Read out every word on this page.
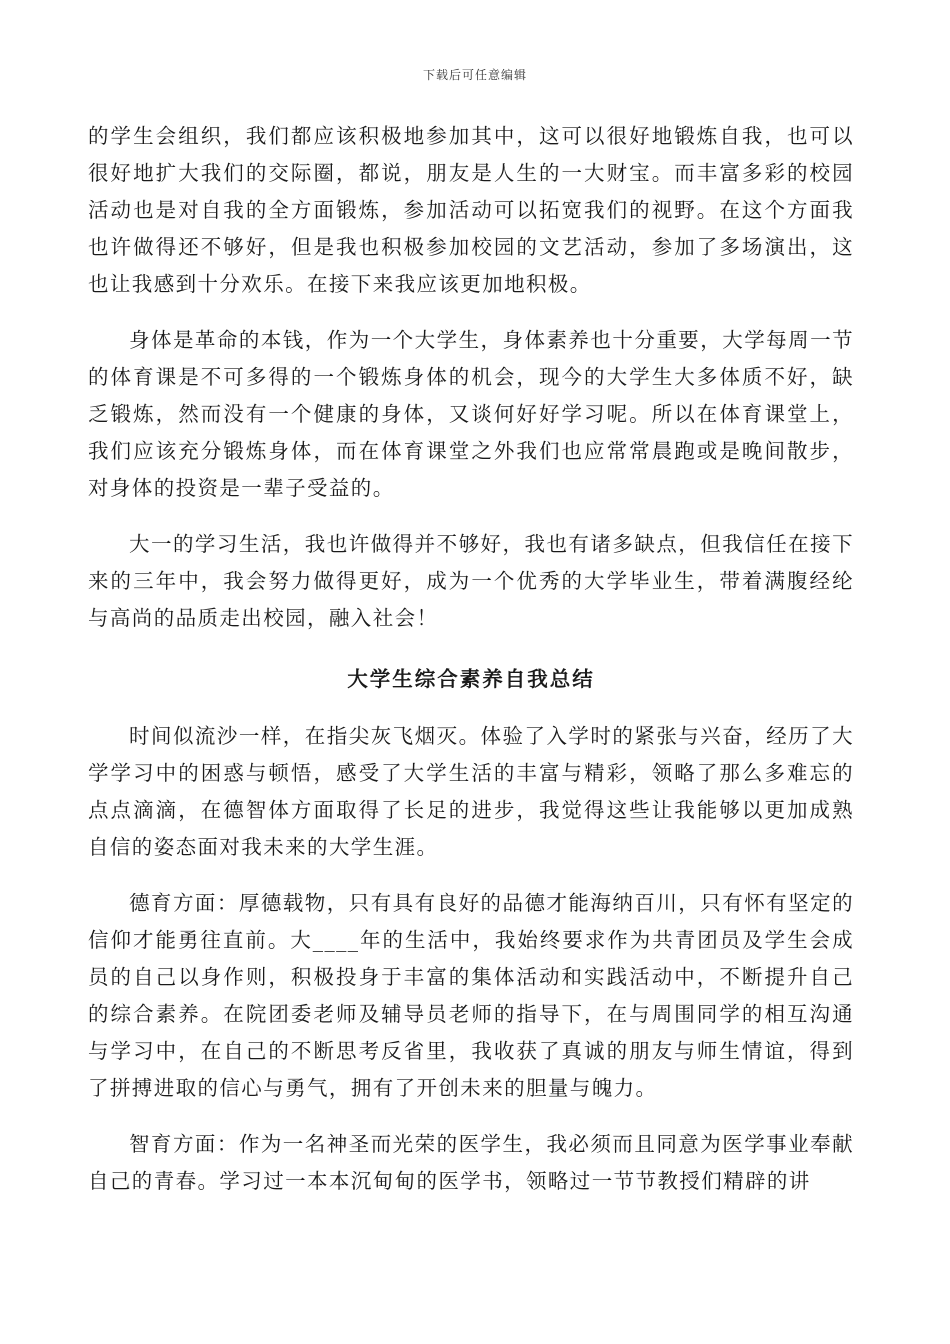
下载后可任意编辑

的学生会组织，我们都应该积极地参加其中，这可以很好地锻炼自我，也可以很好地扩大我们的交际圈，都说，朋友是人生的一大财宝。而丰富多彩的校园活动也是对自我的全方面锻炼，参加活动可以拓宽我们的视野。在这个方面我也许做得还不够好，但是我也积极参加校园的文艺活动，参加了多场演出，这也让我感到十分欢乐。在接下来我应该更加地积极。

身体是革命的本钱，作为一个大学生，身体素养也十分重要，大学每周一节的体育课是不可多得的一个锻炼身体的机会，现今的大学生大多体质不好，缺乏锻炼，然而没有一个健康的身体，又谈何好好学习呢。所以在体育课堂上，我们应该充分锻炼身体，而在体育课堂之外我们也应常常晨跑或是晚间散步，对身体的投资是一辈子受益的。

大一的学习生活，我也许做得并不够好，我也有诸多缺点，但我信任在接下来的三年中，我会努力做得更好，成为一个优秀的大学毕业生，带着满腹经纶与高尚的品质走出校园，融入社会！

大学生综合素养自我总结

时间似流沙一样，在指尖灰飞烟灭。体验了入学时的紧张与兴奋，经历了大学学习中的困惑与顿悟，感受了大学生活的丰富与精彩，领略了那么多难忘的点点滴滴，在德智体方面取得了长足的进步，我觉得这些让我能够以更加成熟自信的姿态面对我未来的大学生涯。

德育方面：厚德载物，只有具有良好的品德才能海纳百川，只有怀有坚定的信仰才能勇往直前。大____年的生活中，我始终要求作为共青团员及学生会成员的自己以身作则，积极投身于丰富的集体活动和实践活动中，不断提升自己的综合素养。在院团委老师及辅导员老师的指导下，在与周围同学的相互沟通与学习中，在自己的不断思考反省里，我收获了真诚的朋友与师生情谊，得到了拼搏进取的信心与勇气，拥有了开创未来的胆量与魄力。

智育方面：作为一名神圣而光荣的医学生，我必须而且同意为医学事业奉献自己的青春。学习过一本本沉甸甸的医学书，领略过一节节教授们精辟的讲
